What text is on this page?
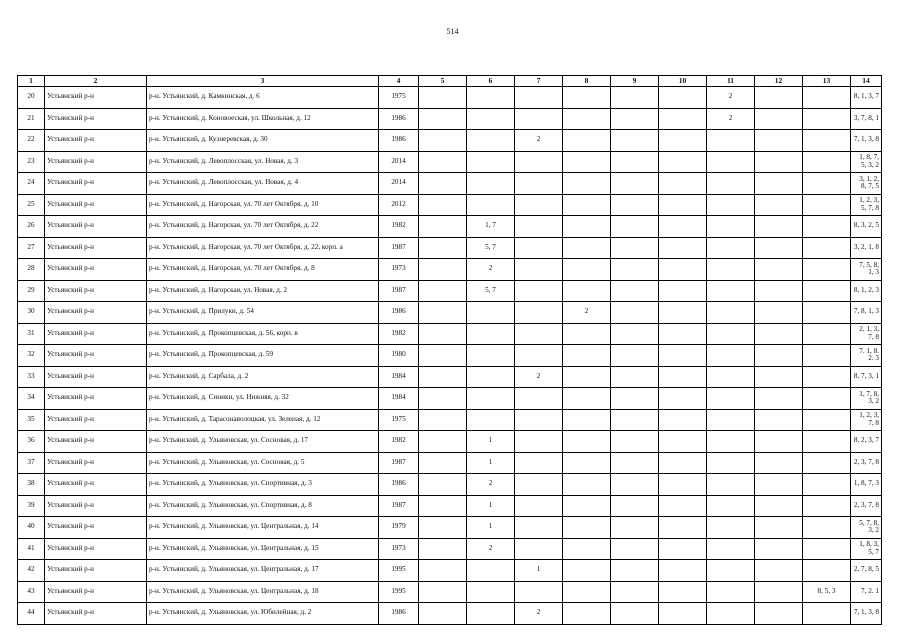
514
1	2	3	4	5	6	7	8	9	10	11	12	13	14
20	Устьянский р-н	р-н. Устьянский, д. Камкинская, д. 6	1975							2			8, 1, 3, 7
21	Устьянский р-н	р-н. Устьянский, д. Коновоеская, ул. Школьная, д. 12	1986							2			3, 7, 8, 1
22	Устьянский р-н	р-н. Устьянский, д. Кузнеревская, д. 30	1986			2							7, 1, 3, 8
23	Устьянский р-н	р-н. Устьянский, д. Левоплосская, ул. Новая, д. 3	2014										1, 8, 7, 5, 3, 2
24	Устьянский р-н	р-н. Устьянский, д. Левоплосская, ул. Новая, д. 4	2014										3, 1, 2, 8, 7, 5
25	Устьянский р-н	р-н. Устьянский, д. Нагорская, ул. 70 лет Октября, д. 10	2012										1, 2, 3, 5, 7, 8
26	Устьянский р-н	р-н. Устьянский, д. Нагорская, ул. 70 лет Октября, д. 22	1982		1, 7								8, 3, 2, 5
27	Устьянский р-н	р-н. Устьянский, д. Нагорская, ул. 70 лет Октября, д. 22, корп. а	1987		5, 7								3, 2, 1, 8
28	Устьянский р-н	р-н. Устьянский, д. Нагорская, ул. 70 лет Октября, д. 8	1973		2								7, 5, 8, 1, 3
29	Устьянский р-н	р-н. Устьянский, д. Нагорская, ул. Новая, д. 2	1987		5, 7								8, 1, 2, 3
30	Устьянский р-н	р-н. Устьянский, д. Прилуки, д. 54	1986				2						7, 8, 1, 3
31	Устьянский р-н	р-н. Устьянский, д. Прокопцевская, д. 56, корп. в	1982										2, 1, 3, 7, 8
32	Устьянский р-н	р-н. Устьянский, д. Прокопцевская, д. 59	1980										7. 1, 8. 2. 3
33	Устьянский р-н	р-н. Устьянский, д. Сарбала, д. 2	1984			2							8, 7, 3, 1
34	Устьянский р-н	р-н. Устьянский, д. Синики, ул. Нижняя, д. 32	1984										1, 7, 8, 3, 2
35	Устьянский р-н	р-н. Устьянский, д. Тарасонаволоцкая, ул. Зеленая, д. 12	1975										1, 2, 3, 7, 8
36	Устьянский р-н	р-н. Устьянский, д. Ульяновская, ул. Сосновая, д. 17	1982		1								8, 2, 3, 7
37	Устьянский р-н	р-н. Устьянский, д. Ульяновская, ул. Сосновая, д. 5	1987		1								2, 3, 7, 8
38	Устьянский р-н	р-н. Устьянский, д. Ульяновская, ул. Спортивная, д. 3	1986		2								1, 8, 7, 3
39	Устьянский р-н	р-н. Устьянский, д. Ульяновская, ул. Спортивная, д. 8	1987		1								2, 3, 7, 8
40	Устьянский р-н	р-н. Устьянский, д. Ульяновская, ул. Центральная, д. 14	1979		1								5, 7, 8, 3, 2
41	Устьянский р-н	р-н. Устьянский, д. Ульяновская, ул. Центральная, д. 15	1973		2								1, 8, 3, 5, 7
42	Устьянский р-н	р-н. Устьянский, д. Ульяновская, ул. Центральная, д. 17	1995			1							2, 7, 8, 5
43	Устьянский р-н	р-н. Устьянский, д. Ульяновская, ул. Центральная, д. 18	1995									8, 5, 3	7, 2. 1
44	Устьянский р-н	р-н. Устьянский, д. Ульяновская, ул. Юбилейная, д. 2	1986			2							7, 1, 3, 8
